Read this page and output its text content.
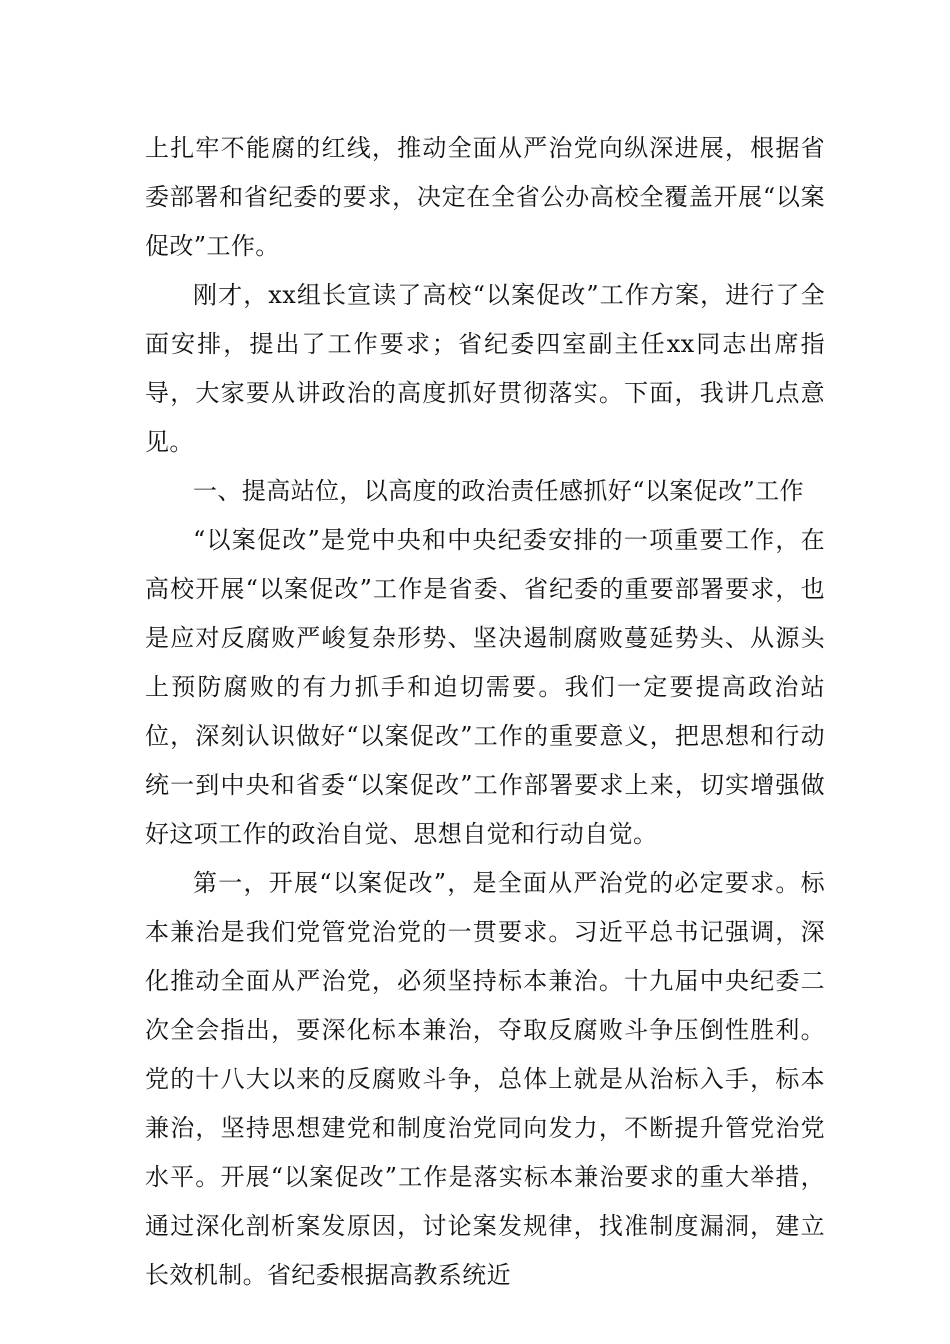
上扎牢不能腐的红线，推动全面从严治党向纵深进展，根据省委部署和省纪委的要求，决定在全省公办高校全覆盖开展“以案促改”工作。

刚才，xx组长宣读了高校“以案促改”工作方案，进行了全面安排，提出了工作要求；省纪委四室副主任xx同志出席指导，大家要从讲政治的高度抓好贯彻落实。下面，我讲几点意见。

一、提高站位，以高度的政治责任感抓好“以案促改”工作

“以案促改”是党中央和中央纪委安排的一项重要工作，在高校开展“以案促改”工作是省委、省纪委的重要部署要求，也是应对反腐败严峻复杂形势、坚决遏制腐败蔓延势头、从源头上预防腐败的有力抓手和迫切需要。我们一定要提高政治站位，深刻认识做好“以案促改”工作的重要意义，把思想和行动统一到中央和省委“以案促改”工作部署要求上来，切实增强做好这项工作的政治自觉、思想自觉和行动自觉。

第一，开展“以案促改”，是全面从严治党的必定要求。标本兼治是我们党管党治党的一贯要求。习近平总书记强调，深化推动全面从严治党，必须坚持标本兼治。十九届中央纪委二次全会指出，要深化标本兼治，夺取反腐败斗争压倒性胜利。党的十八大以来的反腐败斗争，总体上就是从治标入手，标本兼治，坚持思想建党和制度治党同向发力，不断提升管党治党水平。开展“以案促改”工作是落实标本兼治要求的重大举措，通过深化剖析案发原因，讨论案发规律，找准制度漏洞，建立长效机制。省纪委根据高教系统近
